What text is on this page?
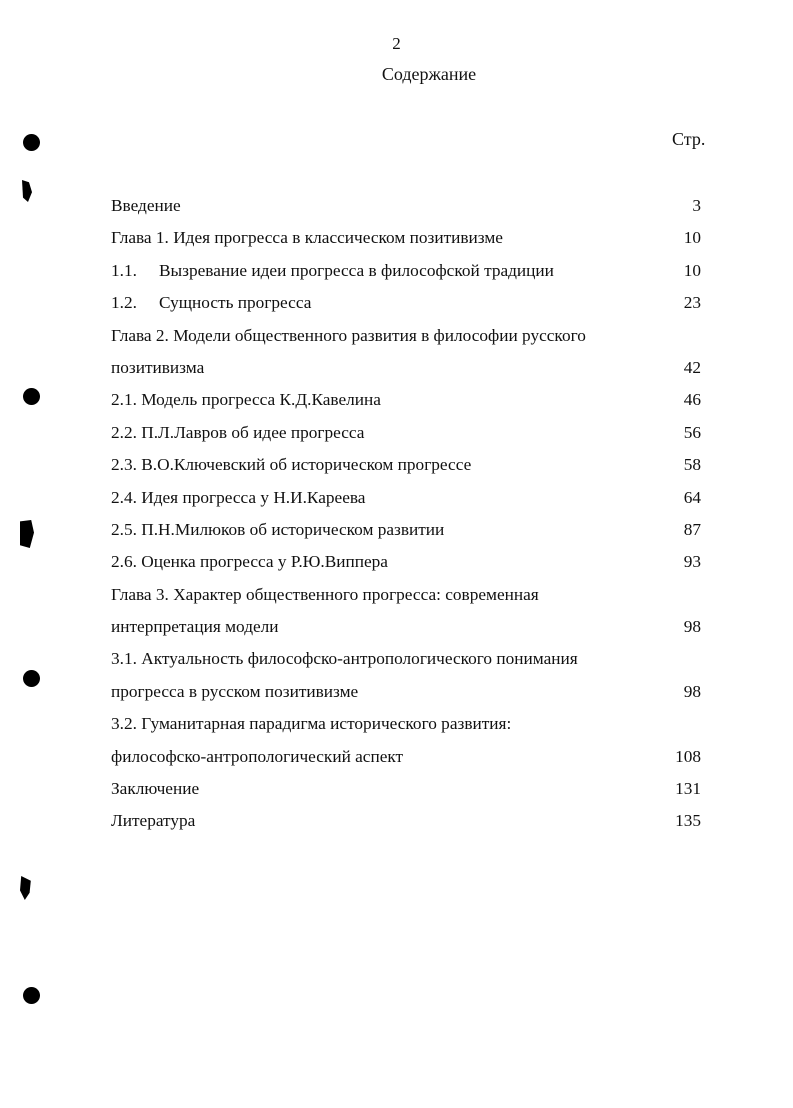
2
Содержание
Стр.
Введение	3
Глава 1. Идея прогресса в классическом позитивизме	10
1.1. Вызревание идеи прогресса в философской традиции	10
1.2. Сущность прогресса	23
Глава 2. Модели общественного развития в философии русского
позитивизма	42
2.1. Модель прогресса К.Д.Кавелина	46
2.2. П.Л.Лавров об идее прогресса	56
2.3. В.О.Ключевский об историческом прогрессе	58
2.4. Идея прогресса у Н.И.Кареева	64
2.5. П.Н.Милюков об историческом развитии	87
2.6. Оценка прогресса у Р.Ю.Виппера	93
Глава 3. Характер общественного прогресса: современная
интерпретация модели	98
3.1. Актуальность философско-антропологического понимания
прогресса в русском позитивизме	98
3.2. Гуманитарная парадигма исторического развития:
философско-антропологический аспект	108
Заключение	131
Литература	135
